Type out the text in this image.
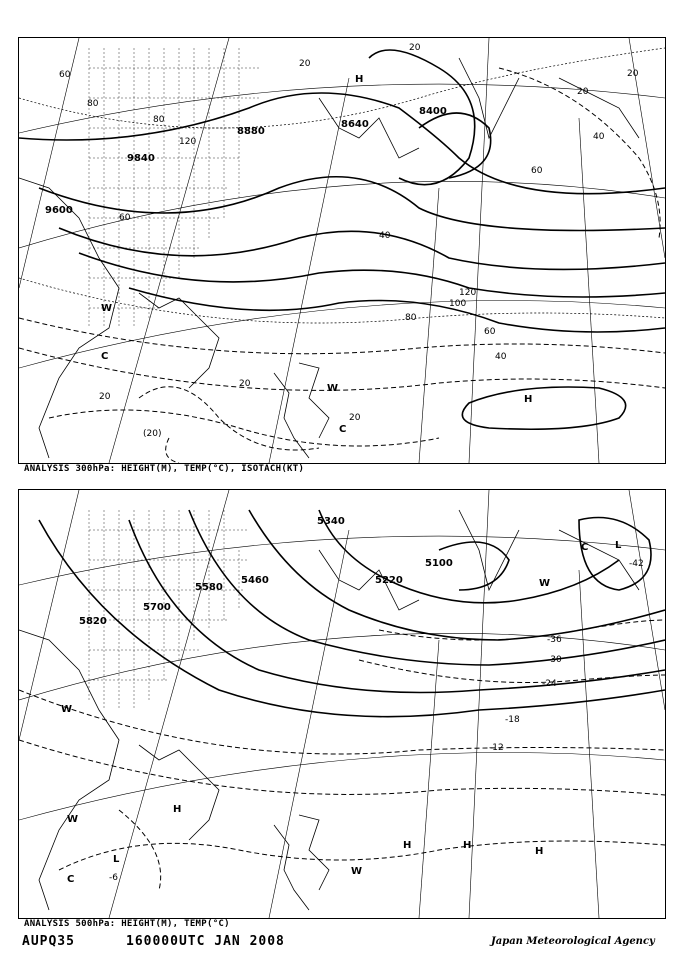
8880
9840
9600
8640
8400
60
80
120
80
60
40
20
20
20
40
60
80
100
120
60
40
20
20
20
20
(20)
H
C
W
W
C
H
ANALYSIS 300hPa: HEIGHT(M), TEMP(°C), ISOTACH(KT)
5820
5700
5580
5460
5340
5220
5100	-42
-36
-30
-24
-18
-12
-6
L
C
W
W
L
C
W
H
W
H	H
H
ANALYSIS 500hPa: HEIGHT(M), TEMP(°C)
AUPQ35	160000UTC JAN 2008	Japan Meteorological Agency
